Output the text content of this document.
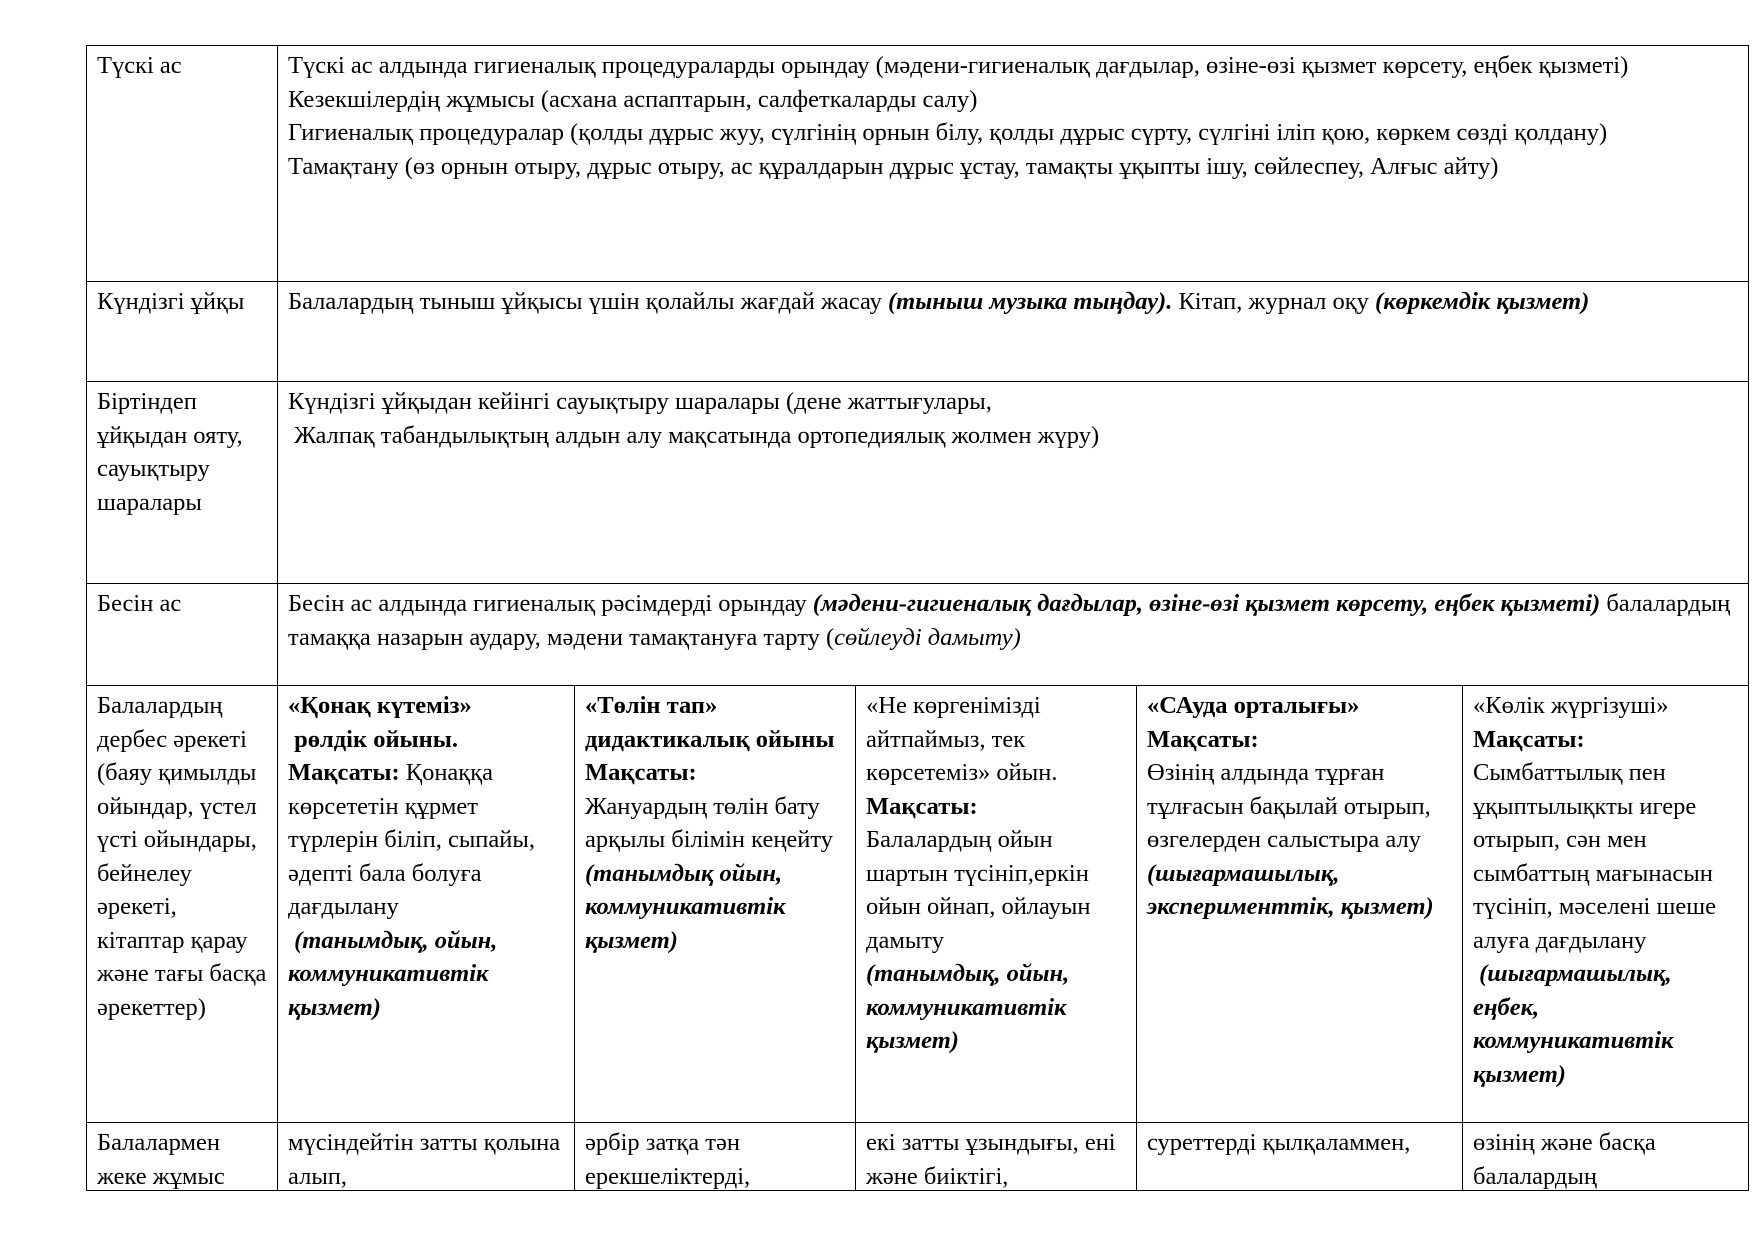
Түскі ас	Түскі ас алдында гигиеналық процедураларды орындау (мәдени-гигиеналық дағдылар, өзіне-өзі қызмет көрсету, еңбек қызметі)

Кезекшілердің жұмысы (асхана аспаптарын, салфеткаларды салу)

Гигиеналық процедуралар (қолды дұрыс жуу, сүлгінің орнын білу, қолды дұрыс сүрту, сүлгіні іліп қою, көркем сөзді қолдану)

Тамақтану (өз орнын отыру, дұрыс отыру, ас құралдарын дұрыс ұстау, тамақты ұқыпты ішу, сөйлеспеу, Алғыс айту)				

Күндізгі ұйқы	Балалардың тыныш ұйқысы үшін қолайлы жағдай жасау (тыныш музыка тыңдау). Кітап, журнал оқу (көркемдік қызмет)				
Біртіндеп ұйқыдан ояту, сауықтыру шаралары	Күндізгі ұйқыдан кейінгі сауықтыру шаралары (дене жаттығулары,

Жалпақ табандылықтың алдын алу мақсатында ортопедиялық жолмен жүру)				

Бесін ас	Бесін ас алдында гигиеналық рәсімдерді орындау (мәдени-гигиеналық дағдылар, өзіне-өзі қызмет көрсету, еңбек қызметі) балалардың тамаққа назарын аудару, мәдени тамақтануға тарту (сөйлеуді дамыту)				
Балалардың дербес әрекеті (баяу қимылды ойындар, үстел үсті ойындары, бейнелеу әрекеті, кітаптар қарау және тағы басқа әрекеттер)	«Қонақ күтеміз»
рөлдік ойыны.
Мақсаты: Қонаққа көрсететін құрмет түрлерін біліп, сыпайы, әдепті бала болуға дағдылану
(танымдық, ойын, коммуникативтік қызмет)	«Төлін тап»
дидактикалық ойыны
Мақсаты:
Жануардың төлін бату арқылы білімін кеңейту
(танымдық ойын, коммуникативтік қызмет)	«Не көргенімізді айтпаймыз, тек көрсетеміз» ойын.
Мақсаты:
Балалардың ойын шартын түсініп,еркін ойын ойнап, ойлауын дамыту
(танымдық, ойын, коммуникативтік қызмет)	«САуда орталығы»
Мақсаты:
Өзінің алдында тұрған тұлғасын бақылай отырып, өзгелерден салыстыра алу
(шығармашылық, эксперименттік, қызмет)	«Көлік жүргізуші»
Мақсаты:
Сымбаттылық пен ұқыптылықкты игере отырып, сән мен сымбаттың мағынасын түсініп, мәселені шеше алуға дағдылану
(шығармашылық, еңбек, коммуникативтік қызмет)

Балалармен жеке жұмыс	мүсіндейтін затты қолына алып,	әрбір затқа тән ерекшеліктерді,	екі затты ұзындығы, ені және биіктігі,	суреттерді қылқаламмен,	өзінің және басқа балалардың
